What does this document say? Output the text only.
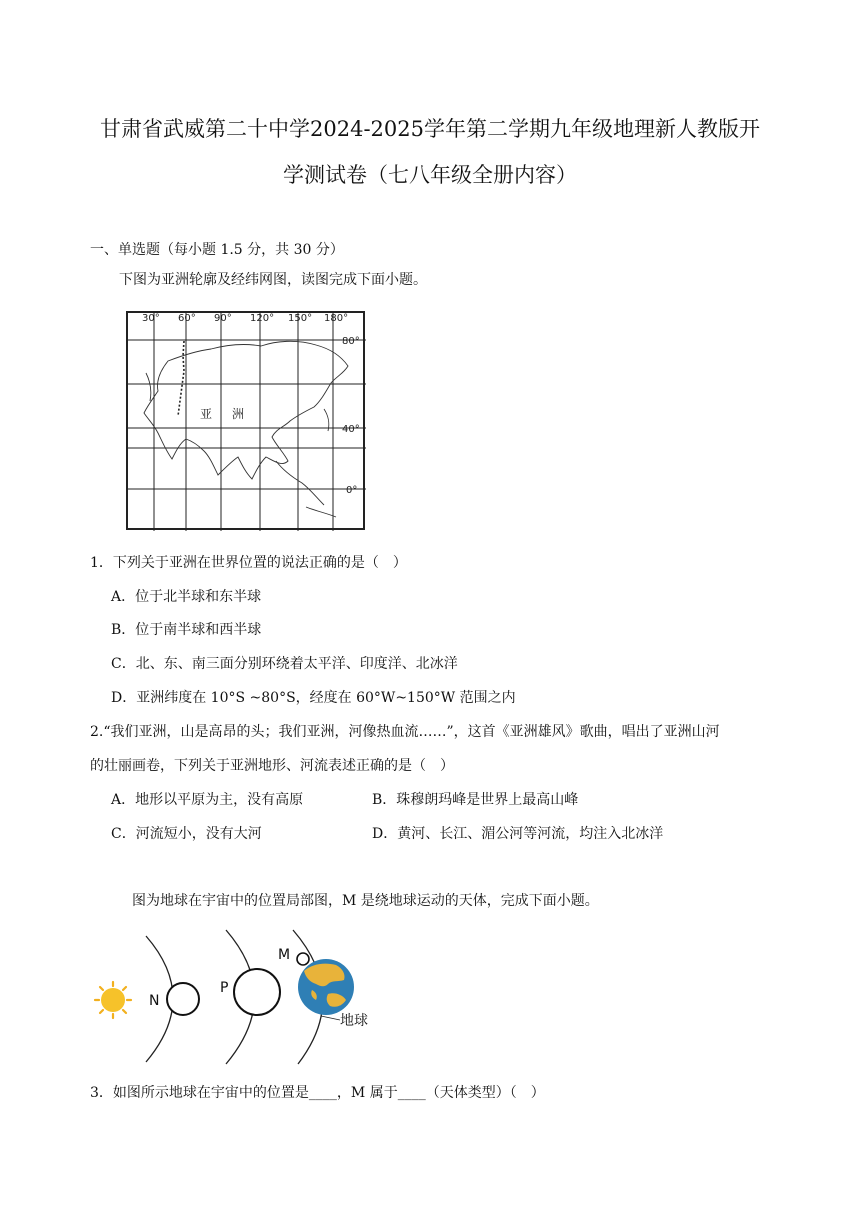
甘肃省武威第二十中学2024-2025学年第二学期九年级地理新人教版开
学测试卷（七八年级全册内容）
一、单选题（每小题 1.5 分，共 30 分）
下图为亚洲轮廓及经纬网图，读图完成下面小题。
30° 60° 90° 120° 150° 180°
80°
40°
0°
亚 洲
1．下列关于亚洲在世界位置的说法正确的是（　）
A．位于北半球和东半球
B．位于南半球和西半球
C．北、东、南三面分别环绕着太平洋、印度洋、北冰洋
D．亚洲纬度在 10°S ~80°S，经度在 60°W~150°W 范围之内
2.“我们亚洲，山是高昂的头；我们亚洲，河像热血流……”，这首《亚洲雄风》歌曲，唱出了亚洲山河
的壮丽画卷，下列关于亚洲地形、河流表述正确的是（　）
A．地形以平原为主，没有高原	B．珠穆朗玛峰是世界上最高山峰
C．河流短小，没有大河	D．黄河、长江、湄公河等河流，均注入北冰洋
图为地球在宇宙中的位置局部图，M 是绕地球运动的天体，完成下面小题。
N
P
M
地球
3．如图所示地球在宇宙中的位置是____，M 属于____（天体类型）（　）
